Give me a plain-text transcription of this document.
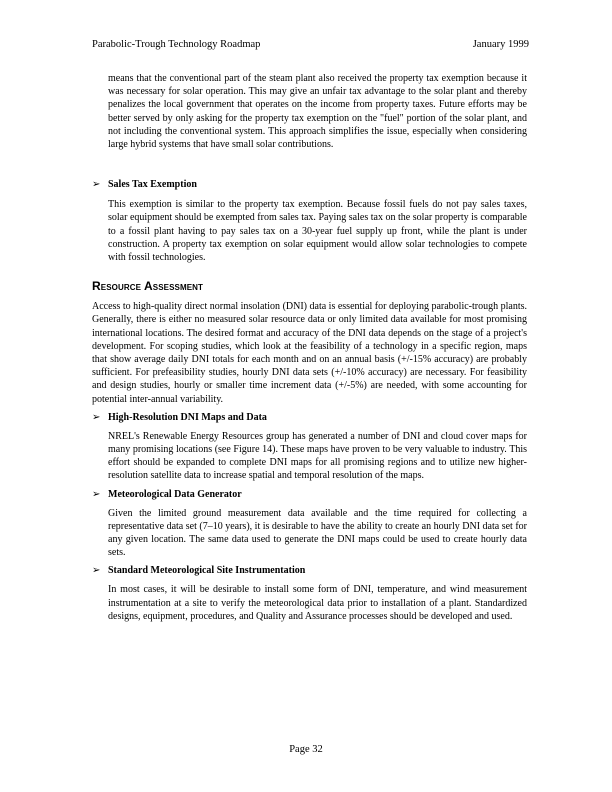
Parabolic-Trough Technology Roadmap	January 1999

means that the conventional part of the steam plant also received the property tax exemption because it was necessary for solar operation. This may give an unfair tax advantage to the solar plant and thereby penalizes the local government that operates on the income from property taxes. Future efforts may be better served by only asking for the property tax exemption on the "fuel" portion of the solar plant, and not including the conventional system. This approach simplifies the issue, especially when considering large hybrid systems that have small solar contributions.

➢ Sales Tax Exemption

This exemption is similar to the property tax exemption. Because fossil fuels do not pay sales taxes, solar equipment should be exempted from sales tax. Paying sales tax on the solar property is comparable to a fossil plant having to pay sales tax on a 30-year fuel supply up front, while the plant is under construction. A property tax exemption on solar equipment would allow solar technologies to compete with fossil technologies.

Resource Assessment

Access to high-quality direct normal insolation (DNI) data is essential for deploying parabolic-trough plants. Generally, there is either no measured solar resource data or only limited data available for most promising international locations. The desired format and accuracy of the DNI data depends on the stage of a project's development. For scoping studies, which look at the feasibility of a technology in a specific region, maps that show average daily DNI totals for each month and on an annual basis (+/-15% accuracy) are probably sufficient. For prefeasibility studies, hourly DNI data sets (+/-10% accuracy) are necessary. For feasibility and design studies, hourly or smaller time increment data (+/-5%) are needed, with some accounting for potential inter-annual variability.

➢ High-Resolution DNI Maps and Data

NREL's Renewable Energy Resources group has generated a number of DNI and cloud cover maps for many promising locations (see Figure 14). These maps have proven to be very valuable to industry. This effort should be expanded to complete DNI maps for all promising regions and to utilize new higher-resolution satellite data to increase spatial and temporal resolution of the maps.

➢ Meteorological Data Generator

Given the limited ground measurement data available and the time required for collecting a representative data set (7–10 years), it is desirable to have the ability to create an hourly DNI data set for any given location. The same data used to generate the DNI maps could be used to create hourly data sets.

➢ Standard Meteorological Site Instrumentation

In most cases, it will be desirable to install some form of DNI, temperature, and wind measurement instrumentation at a site to verify the meteorological data prior to installation of a plant. Standardized designs, equipment, procedures, and Quality and Assurance processes should be developed and used.

Page 32
